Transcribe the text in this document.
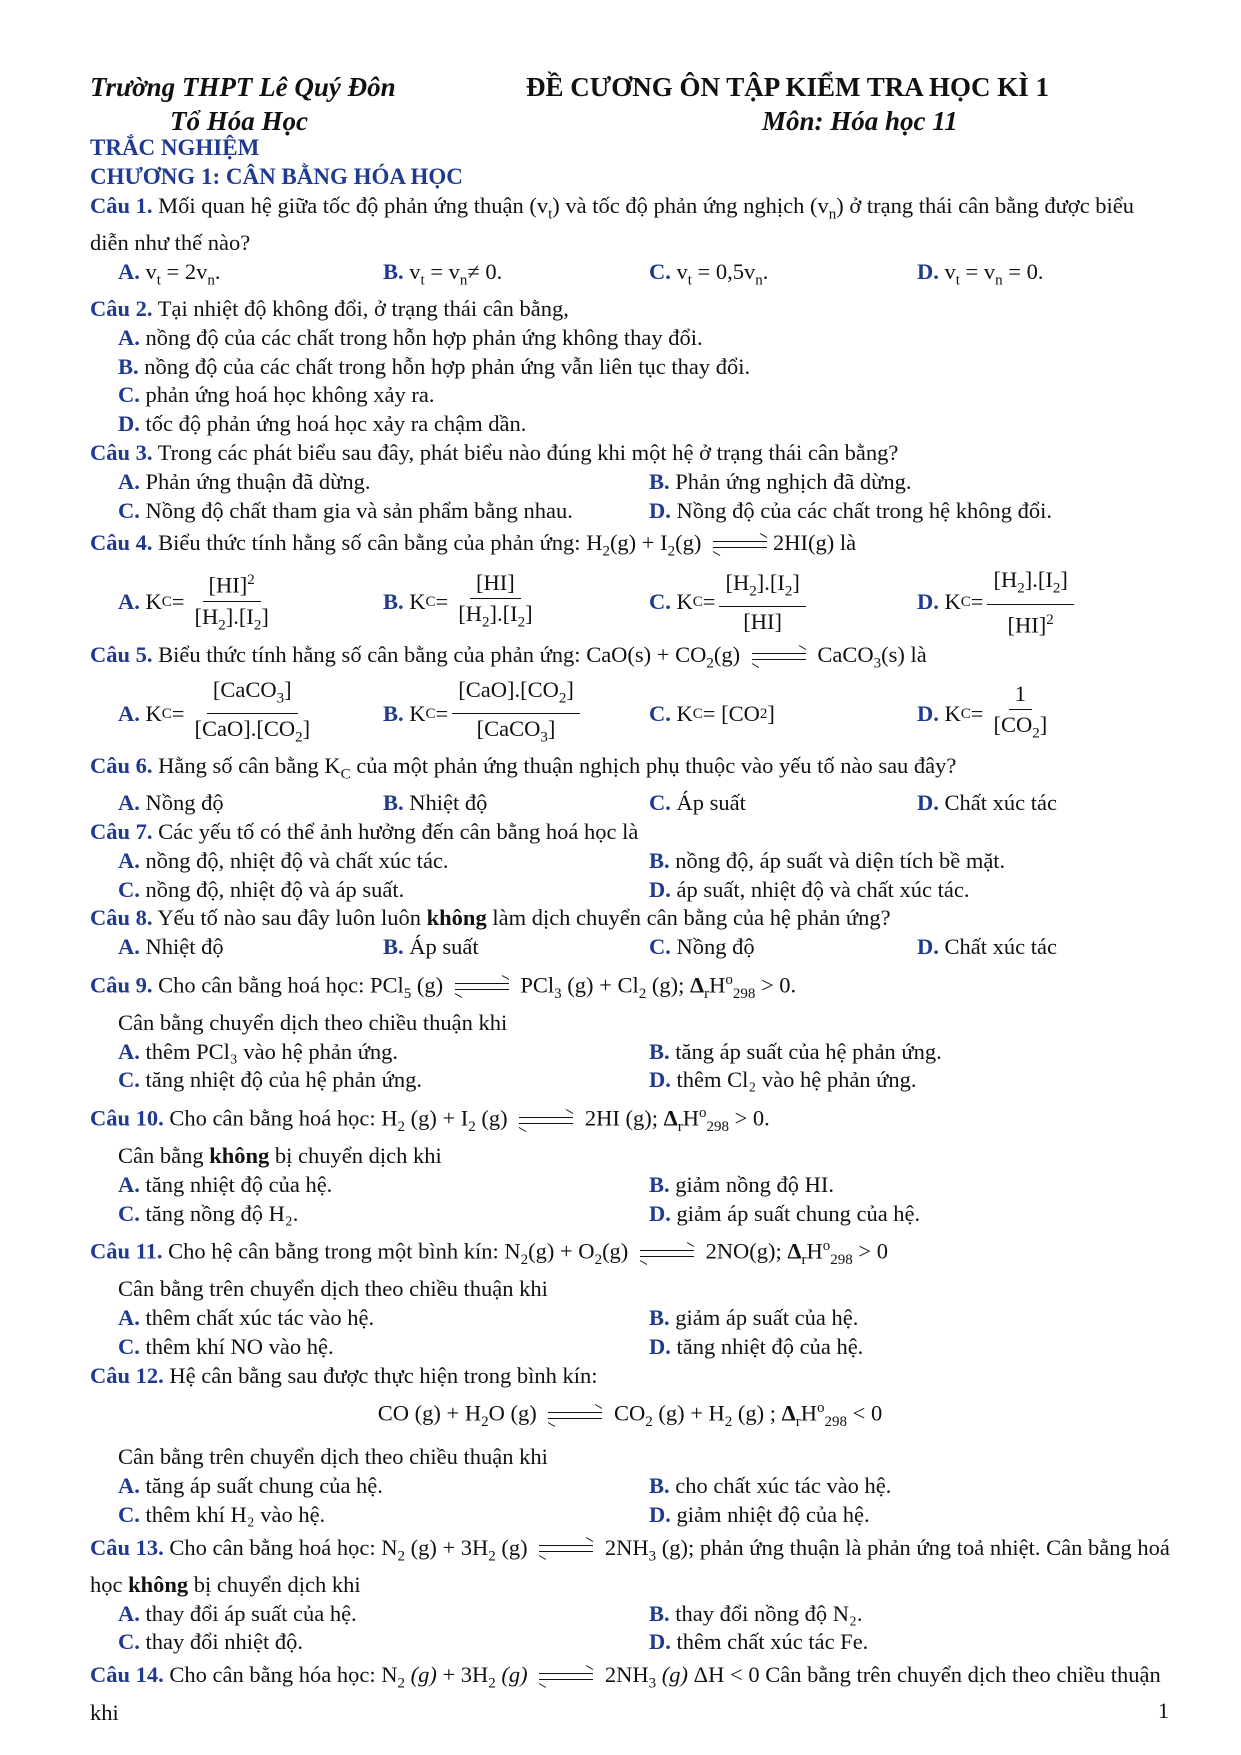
Trường THPT Lê Quý Đôn
Tổ Hóa Học
ĐỀ CƯƠNG ÔN TẬP KIỂM TRA HỌC KÌ 1
Môn: Hóa học 11
TRẮC NGHIỆM
CHƯƠNG 1: CÂN BẰNG HÓA HỌC
Câu 1. Mối quan hệ giữa tốc độ phản ứng thuận $(v_t)$ và tốc độ phản ứng nghịch $(v_n)$ ở trạng thái cân bằng được biểu diễn như thế nào?
A. $v_t = 2v_n$.	B. $v_t = v_n\ne 0$.	C. $v_t = 0,5v_n$.	D. $v_t = v_n = 0$.
Câu 2. Tại nhiệt độ không đổi, ở trạng thái cân bằng,
A. nồng độ của các chất trong hỗn hợp phản ứng không thay đổi.
B. nồng độ của các chất trong hỗn hợp phản ứng vẫn liên tục thay đổi.
C. phản ứng hoá học không xảy ra.
D. tốc độ phản ứng hoá học xảy ra chậm dần.
Câu 3. Trong các phát biểu sau đây, phát biểu nào đúng khi một hệ ở trạng thái cân bằng?
A. Phản ứng thuận đã dừng.	B. Phản ứng nghịch đã dừng.
C. Nồng độ chất tham gia và sản phẩm bằng nhau.	D. Nồng độ của các chất trong hệ không đổi.
Câu 4. Biểu thức tính hằng số cân bằng của phản ứng: $H_2(g) + I_2(g)$	2HI(g) là
A. K $C = \frac{[HI]^2}{[H_2].[I_2]}$	B. K $C = \frac{[HI]}{[H_2].[I_2]}$	C. K $C = \frac{[H_2].[I_2]}{[HI]}$	D. K $C = \frac{[H_2].[I_2]}{[HI]^2}$
Câu 5. Biểu thức tính hằng số cân bằng của phản ứng: $CaO(s) + CO_2(g)$	CaCO$_3$(s) là
A. K $C = \frac{[CaCO_3]}{[CaO].[CO_2]}$	B. K $C = \frac{[CaO].[CO_2]}{[CaCO_3]}$	C. K C = [CO 2 ]	D. K $C = \frac{1}{[CO_2]}$
Câu 6. Hằng số cân bằng $K_C$ của một phản ứng thuận nghịch phụ thuộc vào yếu tố nào sau đây?
A. Nồng độ	B. Nhiệt độ	C. Áp suất	D. Chất xúc tác
Câu 7. Các yếu tố có thể ảnh hưởng đến cân bằng hoá học là
A. nồng độ, nhiệt độ và chất xúc tác.	B. nồng độ, áp suất và diện tích bề mặt.
C. nồng độ, nhiệt độ và áp suất.	D. áp suất, nhiệt độ và chất xúc tác.
Câu 8. Yếu tố nào sau đây luôn luôn không làm dịch chuyển cân bằng của hệ phản ứng?
A. Nhiệt độ	B. Áp suất	C. Nồng độ	D. Chất xúc tác
Câu 9. Cho cân bằng hoá học: PCl$_5$ (g)	PCl$_3$ $(g) + Cl_2$ (g); $\Delta_rH^o_{298} > 0$.
Cân bằng chuyển dịch theo chiều thuận khi
A. thêm PCl₃ vào hệ phản ứng.	B. tăng áp suất của hệ phản ứng.
C. tăng nhiệt độ của hệ phản ứng.	D. thêm Cl₂ vào hệ phản ứng.
Câu 10. Cho cân bằng hoá học: $H_2$ $(g) + I_2$ (g)	2HI (g); $\Delta_rH^o_{298} > 0$.
Cân bằng không bị chuyển dịch khi
A. tăng nhiệt độ của hệ.	B. giảm nồng độ HI.
C. tăng nồng độ H₂.	D. giảm áp suất chung của hệ.
Câu 11. Cho hệ cân bằng trong một bình kín: $N_2(g) + O_2(g)$	2NO(g); $\Delta_rH^o_{298} > 0$
Cân bằng trên chuyển dịch theo chiều thuận khi
A. thêm chất xúc tác vào hệ.	B. giảm áp suất của hệ.
C. thêm khí NO vào hệ.	D. tăng nhiệt độ của hệ.
Câu 12. Hệ cân bằng sau được thực hiện trong bình kín:
CO $(g) + H_2O$ (g)	$CO_2$ $(g) + H_2$ (g) ; $\Delta_rH^o_{298} < 0$
Cân bằng trên chuyển dịch theo chiều thuận khi
A. tăng áp suất chung của hệ.	B. cho chất xúc tác vào hệ.
C. thêm khí H₂ vào hệ.	D. giảm nhiệt độ của hệ.
Câu 13. Cho cân bằng hoá học: $N_2$ $(g) + 3H_2$ (g)	$2NH_3$ (g); phản ứng thuận là phản ứng toả nhiệt. Cân bằng hoá học không bị chuyển dịch khi
A. thay đổi áp suất của hệ.	B. thay đổi nồng độ N₂.
C. thay đổi nhiệt độ.	D. thêm chất xúc tác Fe.
Câu 14. Cho cân bằng hóa học: $N_2$ $(g) + 3H_2$ (g)	$2NH_3$ (g) ΔH < 0 Cân bằng trên chuyển dịch theo chiều thuận khi	1
